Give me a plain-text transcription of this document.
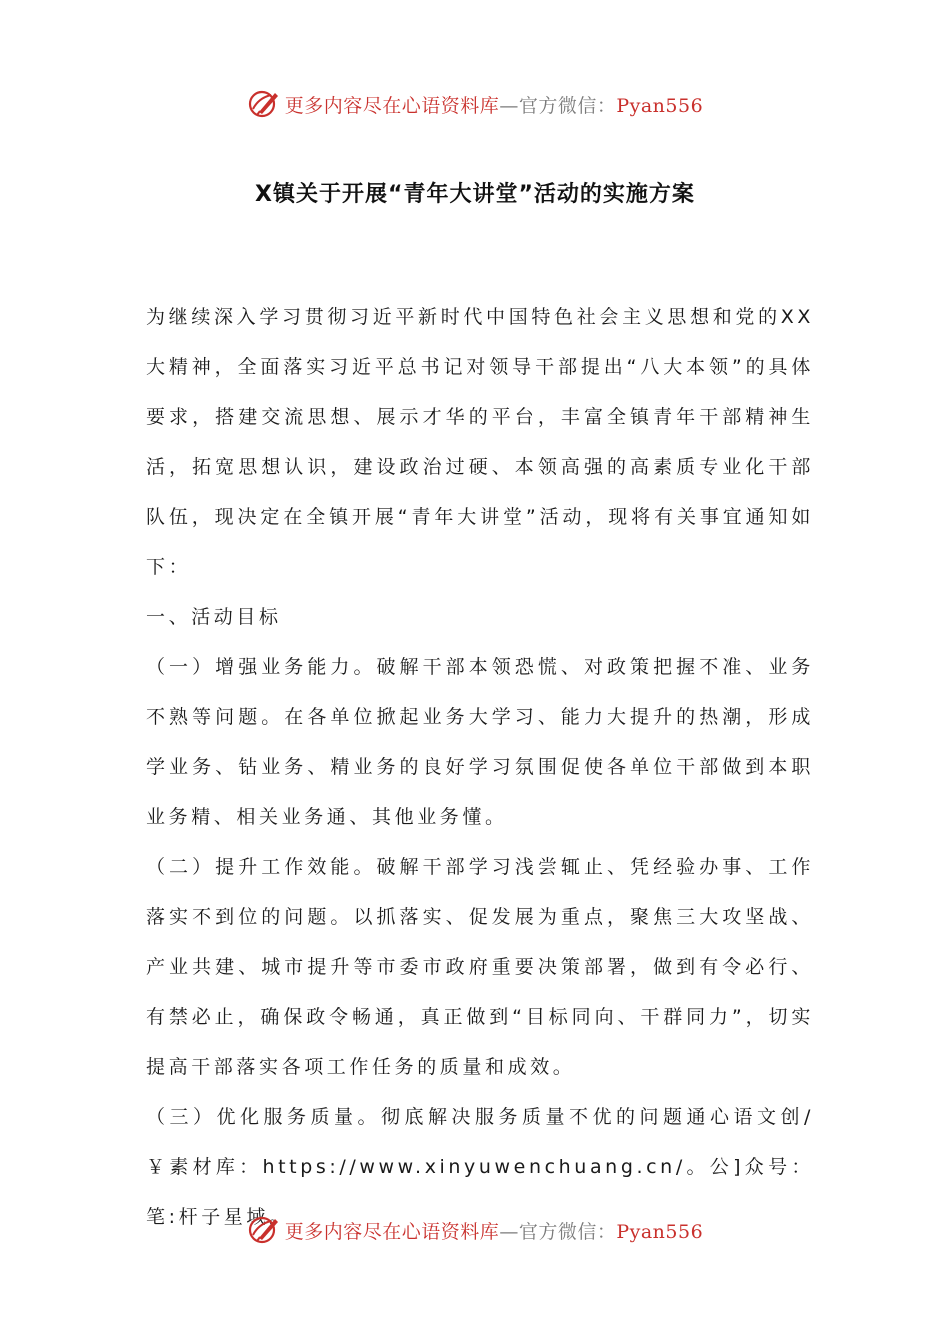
更多内容尽在心语资料库—官方微信：Pyan556
X镇关于开展“青年大讲堂”活动的实施方案

为继续深入学习贯彻习近平新时代中国特色社会主义思想和党的XX大精神，全面落实习近平总书记对领导干部提出“八大本领”的具体要求，搭建交流思想、展示才华的平台，丰富全镇青年干部精神生活，拓宽思想认识，建设政治过硬、本领高强的高素质专业化干部队伍，现决定在全镇开展“青年大讲堂”活动，现将有关事宜通知如下：

一、活动目标

（一）增强业务能力。破解干部本领恐慌、对政策把握不准、业务不熟等问题。在各单位掀起业务大学习、能力大提升的热潮，形成学业务、钻业务、精业务的良好学习氛围促使各单位干部做到本职业务精、相关业务通、其他业务懂。

（二）提升工作效能。破解干部学习浅尝辄止、凭经验办事、工作落实不到位的问题。以抓落实、促发展为重点，聚焦三大攻坚战、产业共建、城市提升等市委市政府重要决策部署，做到有令必行、有禁必止，确保政令畅通，真正做到“目标同向、干群同力”，切实提高干部落实各项工作任务的质量和成效。

（三）优化服务质量。彻底解决服务质量不优的问题通心语文创/￥素材库：https://www.xinyuwenchuang.cn/。公]众号：笔:杆子星域。

更多内容尽在心语资料库—官方微信：Pyan556
